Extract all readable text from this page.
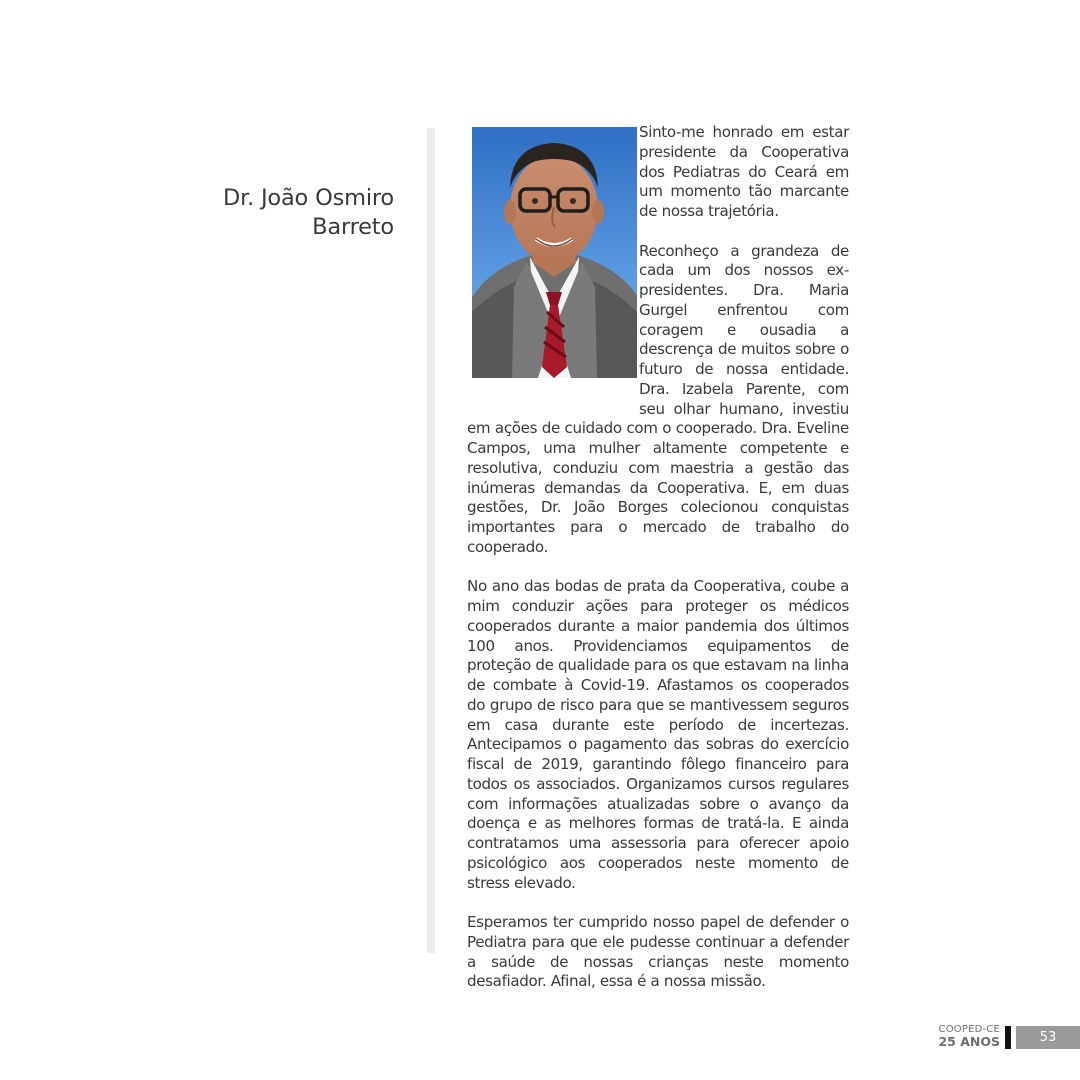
Dr. João Osmiro
Barreto

Sinto-me honrado em estar presidente da Cooperativa dos Pediatras do Ceará em um momento tão marcante de nossa trajetória.

Reconheço a grandeza de cada um dos nossos ex-presidentes. Dra. Maria Gurgel enfrentou com coragem e ousadia a descrença de muitos sobre o futuro de nossa entidade. Dra. Izabela Parente, com seu olhar humano, investiu em ações de cuidado com o cooperado. Dra. Eveline Campos, uma mulher altamente competente e resolutiva, conduziu com maestria a gestão das inúmeras demandas da Cooperativa. E, em duas gestões, Dr. João Borges colecionou conquistas importantes para o mercado de trabalho do cooperado.

No ano das bodas de prata da Cooperativa, coube a mim conduzir ações para proteger os médicos cooperados durante a maior pandemia dos últimos 100 anos. Providenciamos equipamentos de proteção de qualidade para os que estavam na linha de combate à Covid-19. Afastamos os cooperados do grupo de risco para que se mantivessem seguros em casa durante este período de incertezas. Antecipamos o pagamento das sobras do exercício fiscal de 2019, garantindo fôlego financeiro para todos os associados. Organizamos cursos regulares com informações atualizadas sobre o avanço da doença e as melhores formas de tratá-la. E ainda contratamos uma assessoria para oferecer apoio psicológico aos cooperados neste momento de stress elevado.

Esperamos ter cumprido nosso papel de defender o Pediatra para que ele pudesse continuar a defender a saúde de nossas crianças neste momento desafiador. Afinal, essa é a nossa missão.

COOPED-CE
25 ANOS	53
